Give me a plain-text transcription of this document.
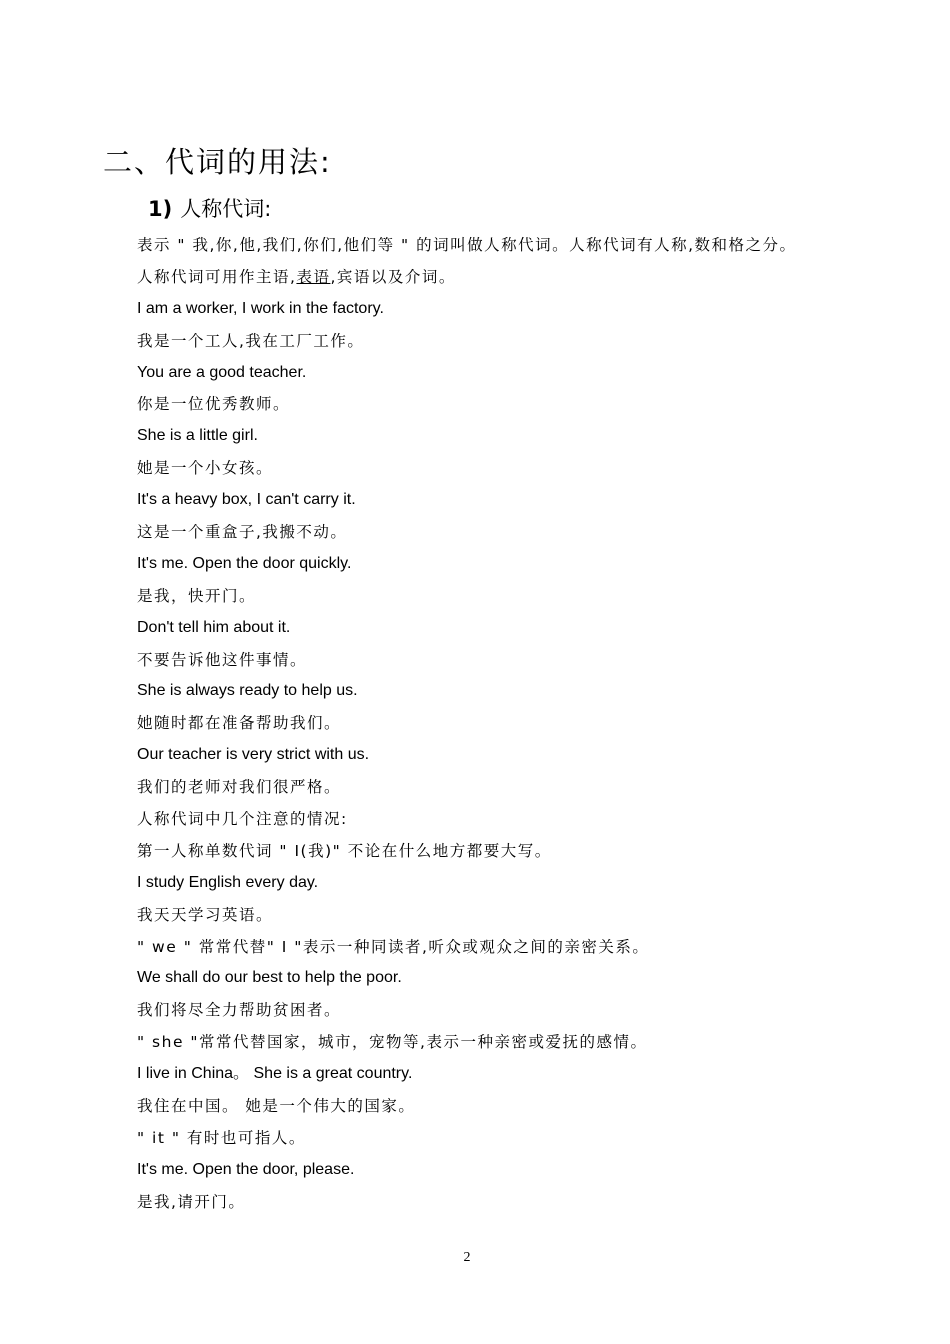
二、代词的用法:
1) 人称代词:
表示 " 我,你,他,我们,你们,他们等 " 的词叫做人称代词。人称代词有人称,数和格之分。
人称代词可用作主语,表语,宾语以及介词。
I am a worker, I work in the factory.
我是一个工人,我在工厂工作。
You are a good teacher.
你是一位优秀教师。
She is a little girl.
她是一个小女孩。
It's a heavy box, I can't carry it.
这是一个重盒子,我搬不动。
It's me. Open the door quickly.
是我，快开门。
Don't tell him about it.
不要告诉他这件事情。
She is always ready to help us.
她随时都在准备帮助我们。
Our teacher is very strict with us.
我们的老师对我们很严格。
人称代词中几个注意的情况:
第一人称单数代词 " I(我)" 不论在什么地方都要大写。
I study English every day.
我天天学习英语。
" we " 常常代替" I "表示一种同读者,听众或观众之间的亲密关系。
We shall do our best to help the poor.
我们将尽全力帮助贫困者。
" she "常常代替国家，城市，宠物等,表示一种亲密或爱抚的感情。
I live in China。 She is a great country.
我住在中国。 她是一个伟大的国家。
" it " 有时也可指人。
It's me. Open the door, please.
是我,请开门。
2
